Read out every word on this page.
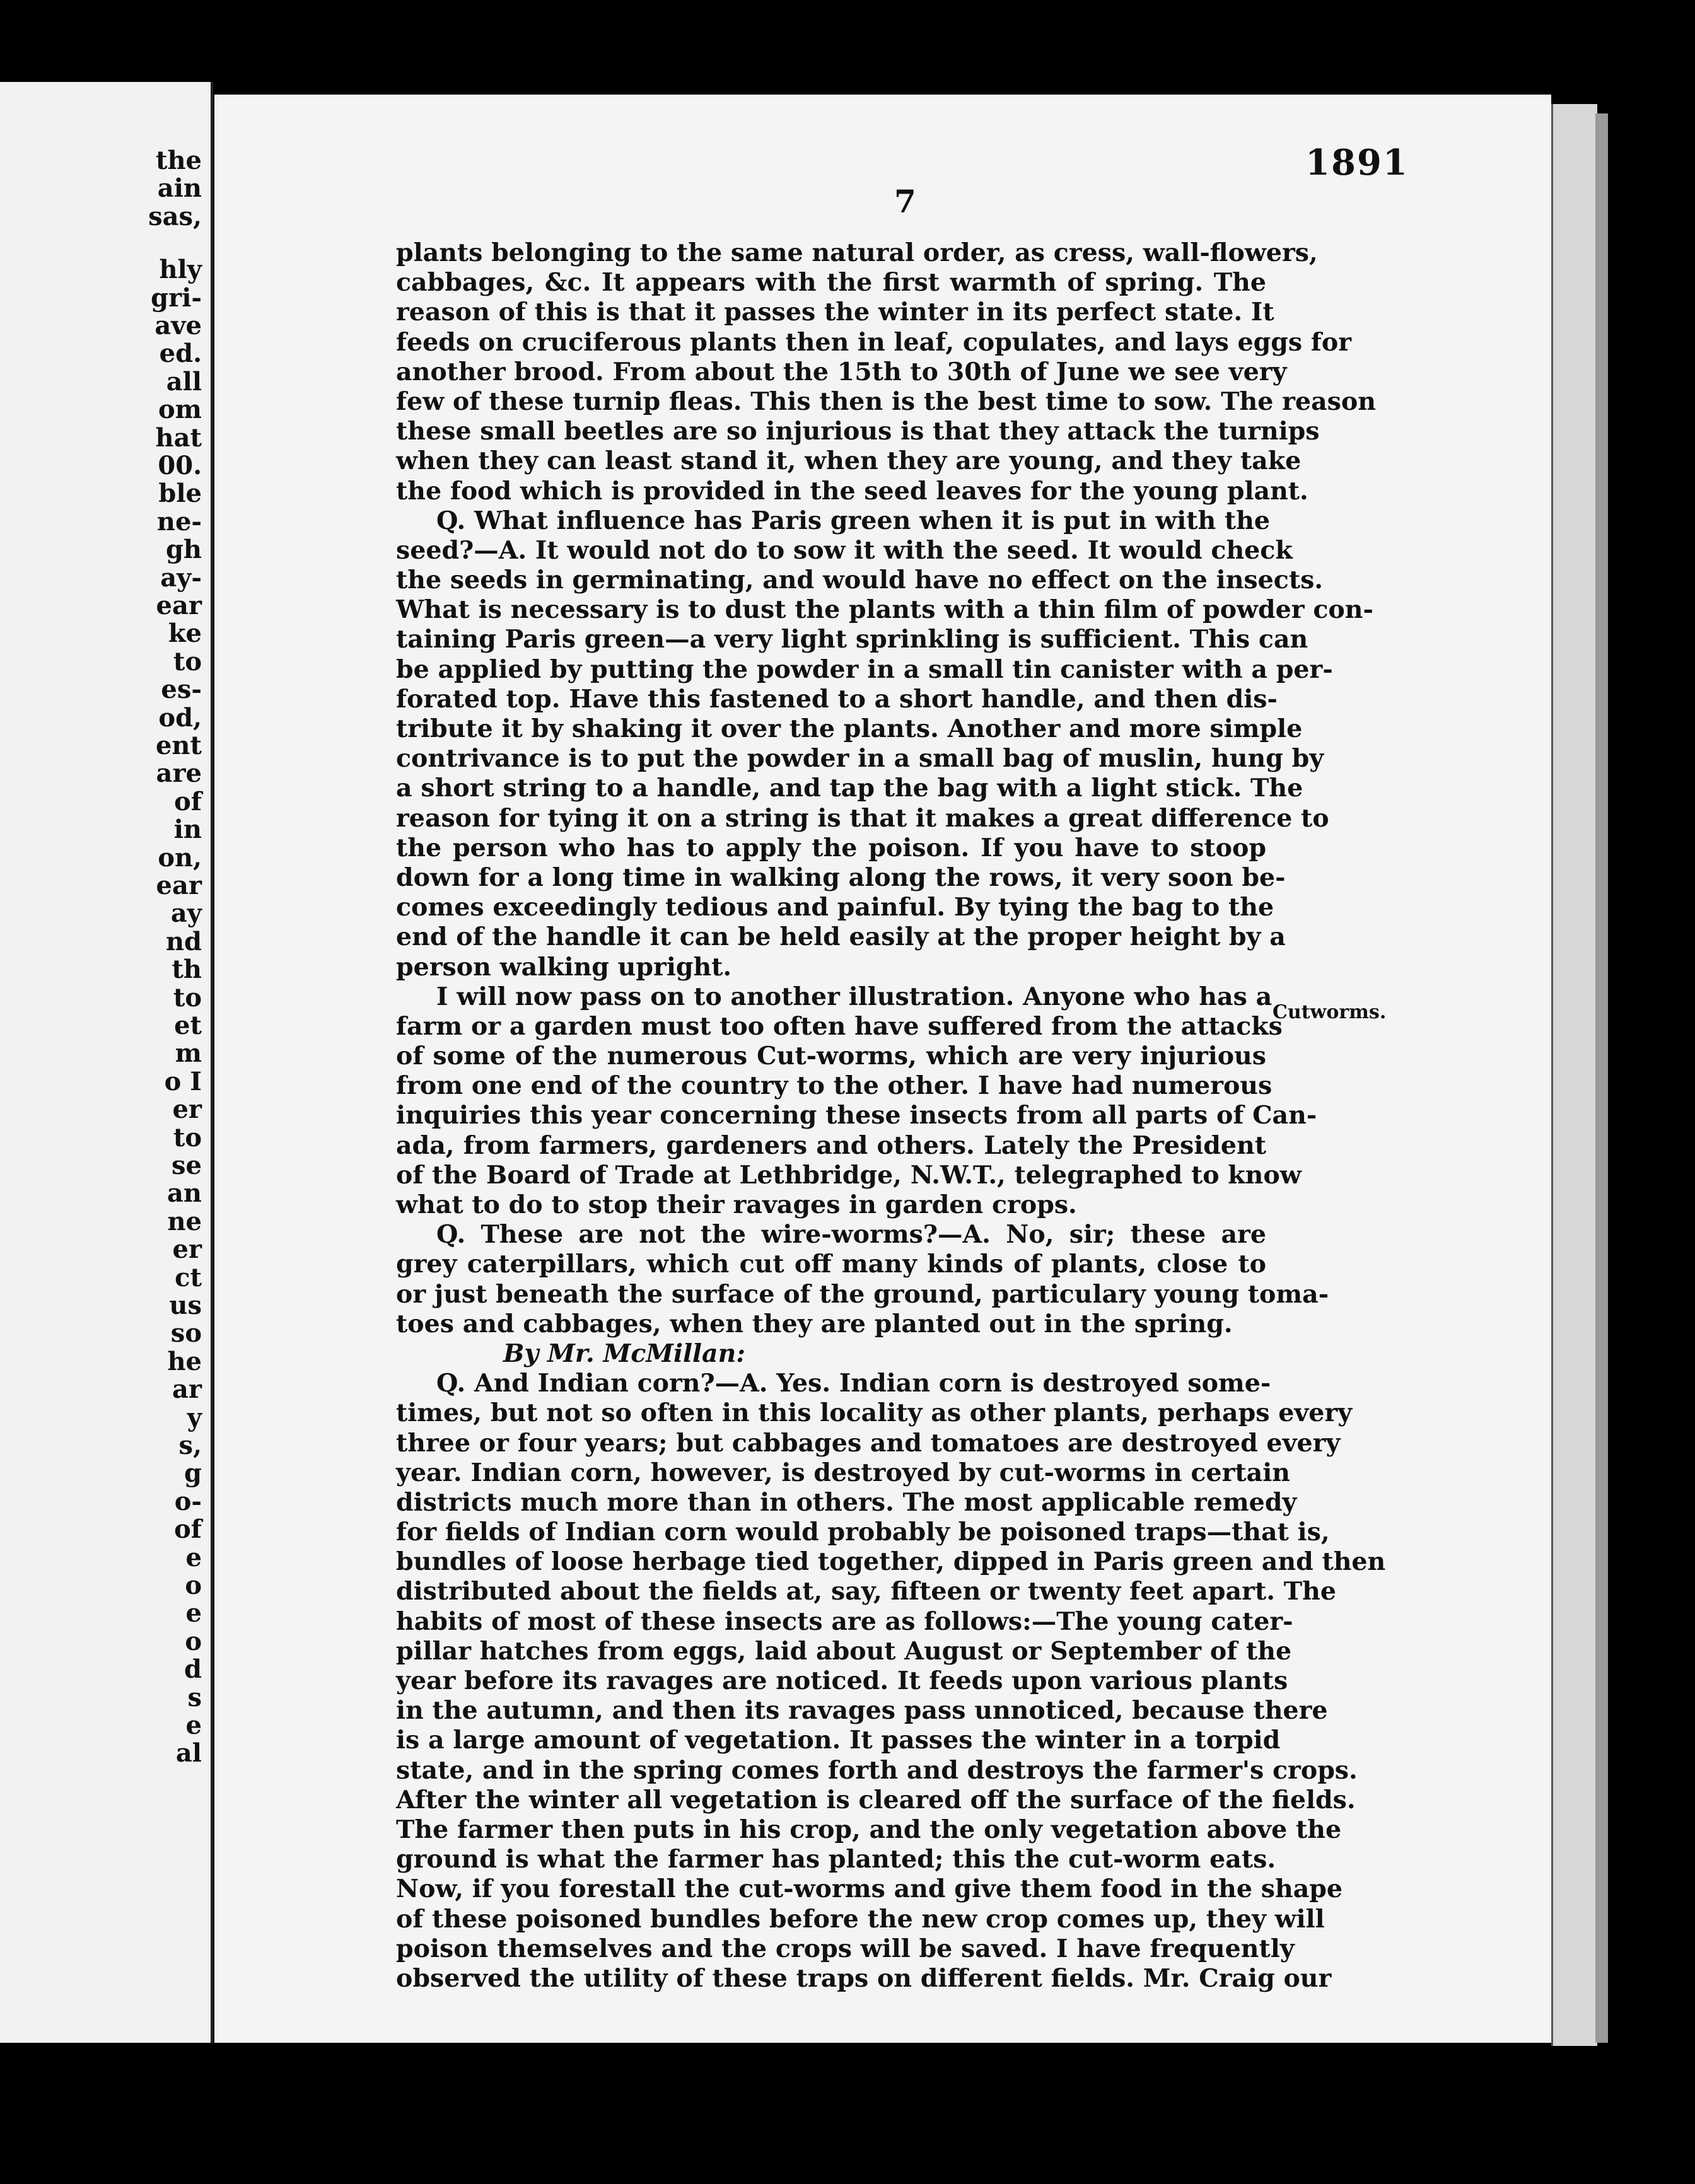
the
ain
sas,
hly
gri-
ave
ed.
all
om
hat
00.
ble
ne-
gh
ay-
ear
ke
to
es-
od,
ent
are
of
in
on,
ear
ay
nd
th
to
et
m
o I
er
to
se
an
ne
er
ct
us
so
he
ar
y
s,
g
o-
of
e
o
e
o
d
s
e
al
1891
7
Cutworms.
plants belonging to the same natural order, as cress, wall-flowers,
cabbages, &c. It appears with the first warmth of spring. The
reason of this is that it passes the winter in its perfect state. It
feeds on cruciferous plants then in leaf, copulates, and lays eggs for
another brood. From about the 15th to 30th of June we see very
few of these turnip fleas. This then is the best time to sow. The reason
these small beetles are so injurious is that they attack the turnips
when they can least stand it, when they are young, and they take
the food which is provided in the seed leaves for the young plant.
Q. What influence has Paris green when it is put in with the
seed?—A. It would not do to sow it with the seed. It would check
the seeds in germinating, and would have no effect on the insects.
What is necessary is to dust the plants with a thin film of powder con-
taining Paris green—a very light sprinkling is sufficient. This can
be applied by putting the powder in a small tin canister with a per-
forated top. Have this fastened to a short handle, and then dis-
tribute it by shaking it over the plants. Another and more simple
contrivance is to put the powder in a small bag of muslin, hung by
a short string to a handle, and tap the bag with a light stick. The
reason for tying it on a string is that it makes a great difference to
the person who has to apply the poison. If you have to stoop
down for a long time in walking along the rows, it very soon be-
comes exceedingly tedious and painful. By tying the bag to the
end of the handle it can be held easily at the proper height by a
person walking upright.
I will now pass on to another illustration. Anyone who has a
farm or a garden must too often have suffered from the attacks
of some of the numerous Cut-worms, which are very injurious
from one end of the country to the other. I have had numerous
inquiries this year concerning these insects from all parts of Can-
ada, from farmers, gardeners and others. Lately the President
of the Board of Trade at Lethbridge, N.W.T., telegraphed to know
what to do to stop their ravages in garden crops.
Q. These are not the wire-worms?—A. No, sir; these are
grey caterpillars, which cut off many kinds of plants, close to
or just beneath the surface of the ground, particulary young toma-
toes and cabbages, when they are planted out in the spring.
By Mr. McMillan:
Q. And Indian corn?—A. Yes. Indian corn is destroyed some-
times, but not so often in this locality as other plants, perhaps every
three or four years; but cabbages and tomatoes are destroyed every
year. Indian corn, however, is destroyed by cut-worms in certain
districts much more than in others. The most applicable remedy
for fields of Indian corn would probably be poisoned traps—that is,
bundles of loose herbage tied together, dipped in Paris green and then
distributed about the fields at, say, fifteen or twenty feet apart. The
habits of most of these insects are as follows:—The young cater-
pillar hatches from eggs, laid about August or September of the
year before its ravages are noticed. It feeds upon various plants
in the autumn, and then its ravages pass unnoticed, because there
is a large amount of vegetation. It passes the winter in a torpid
state, and in the spring comes forth and destroys the farmer's crops.
After the winter all vegetation is cleared off the surface of the fields.
The farmer then puts in his crop, and the only vegetation above the
ground is what the farmer has planted; this the cut-worm eats.
Now, if you forestall the cut-worms and give them food in the shape
of these poisoned bundles before the new crop comes up, they will
poison themselves and the crops will be saved. I have frequently
observed the utility of these traps on different fields. Mr. Craig our
